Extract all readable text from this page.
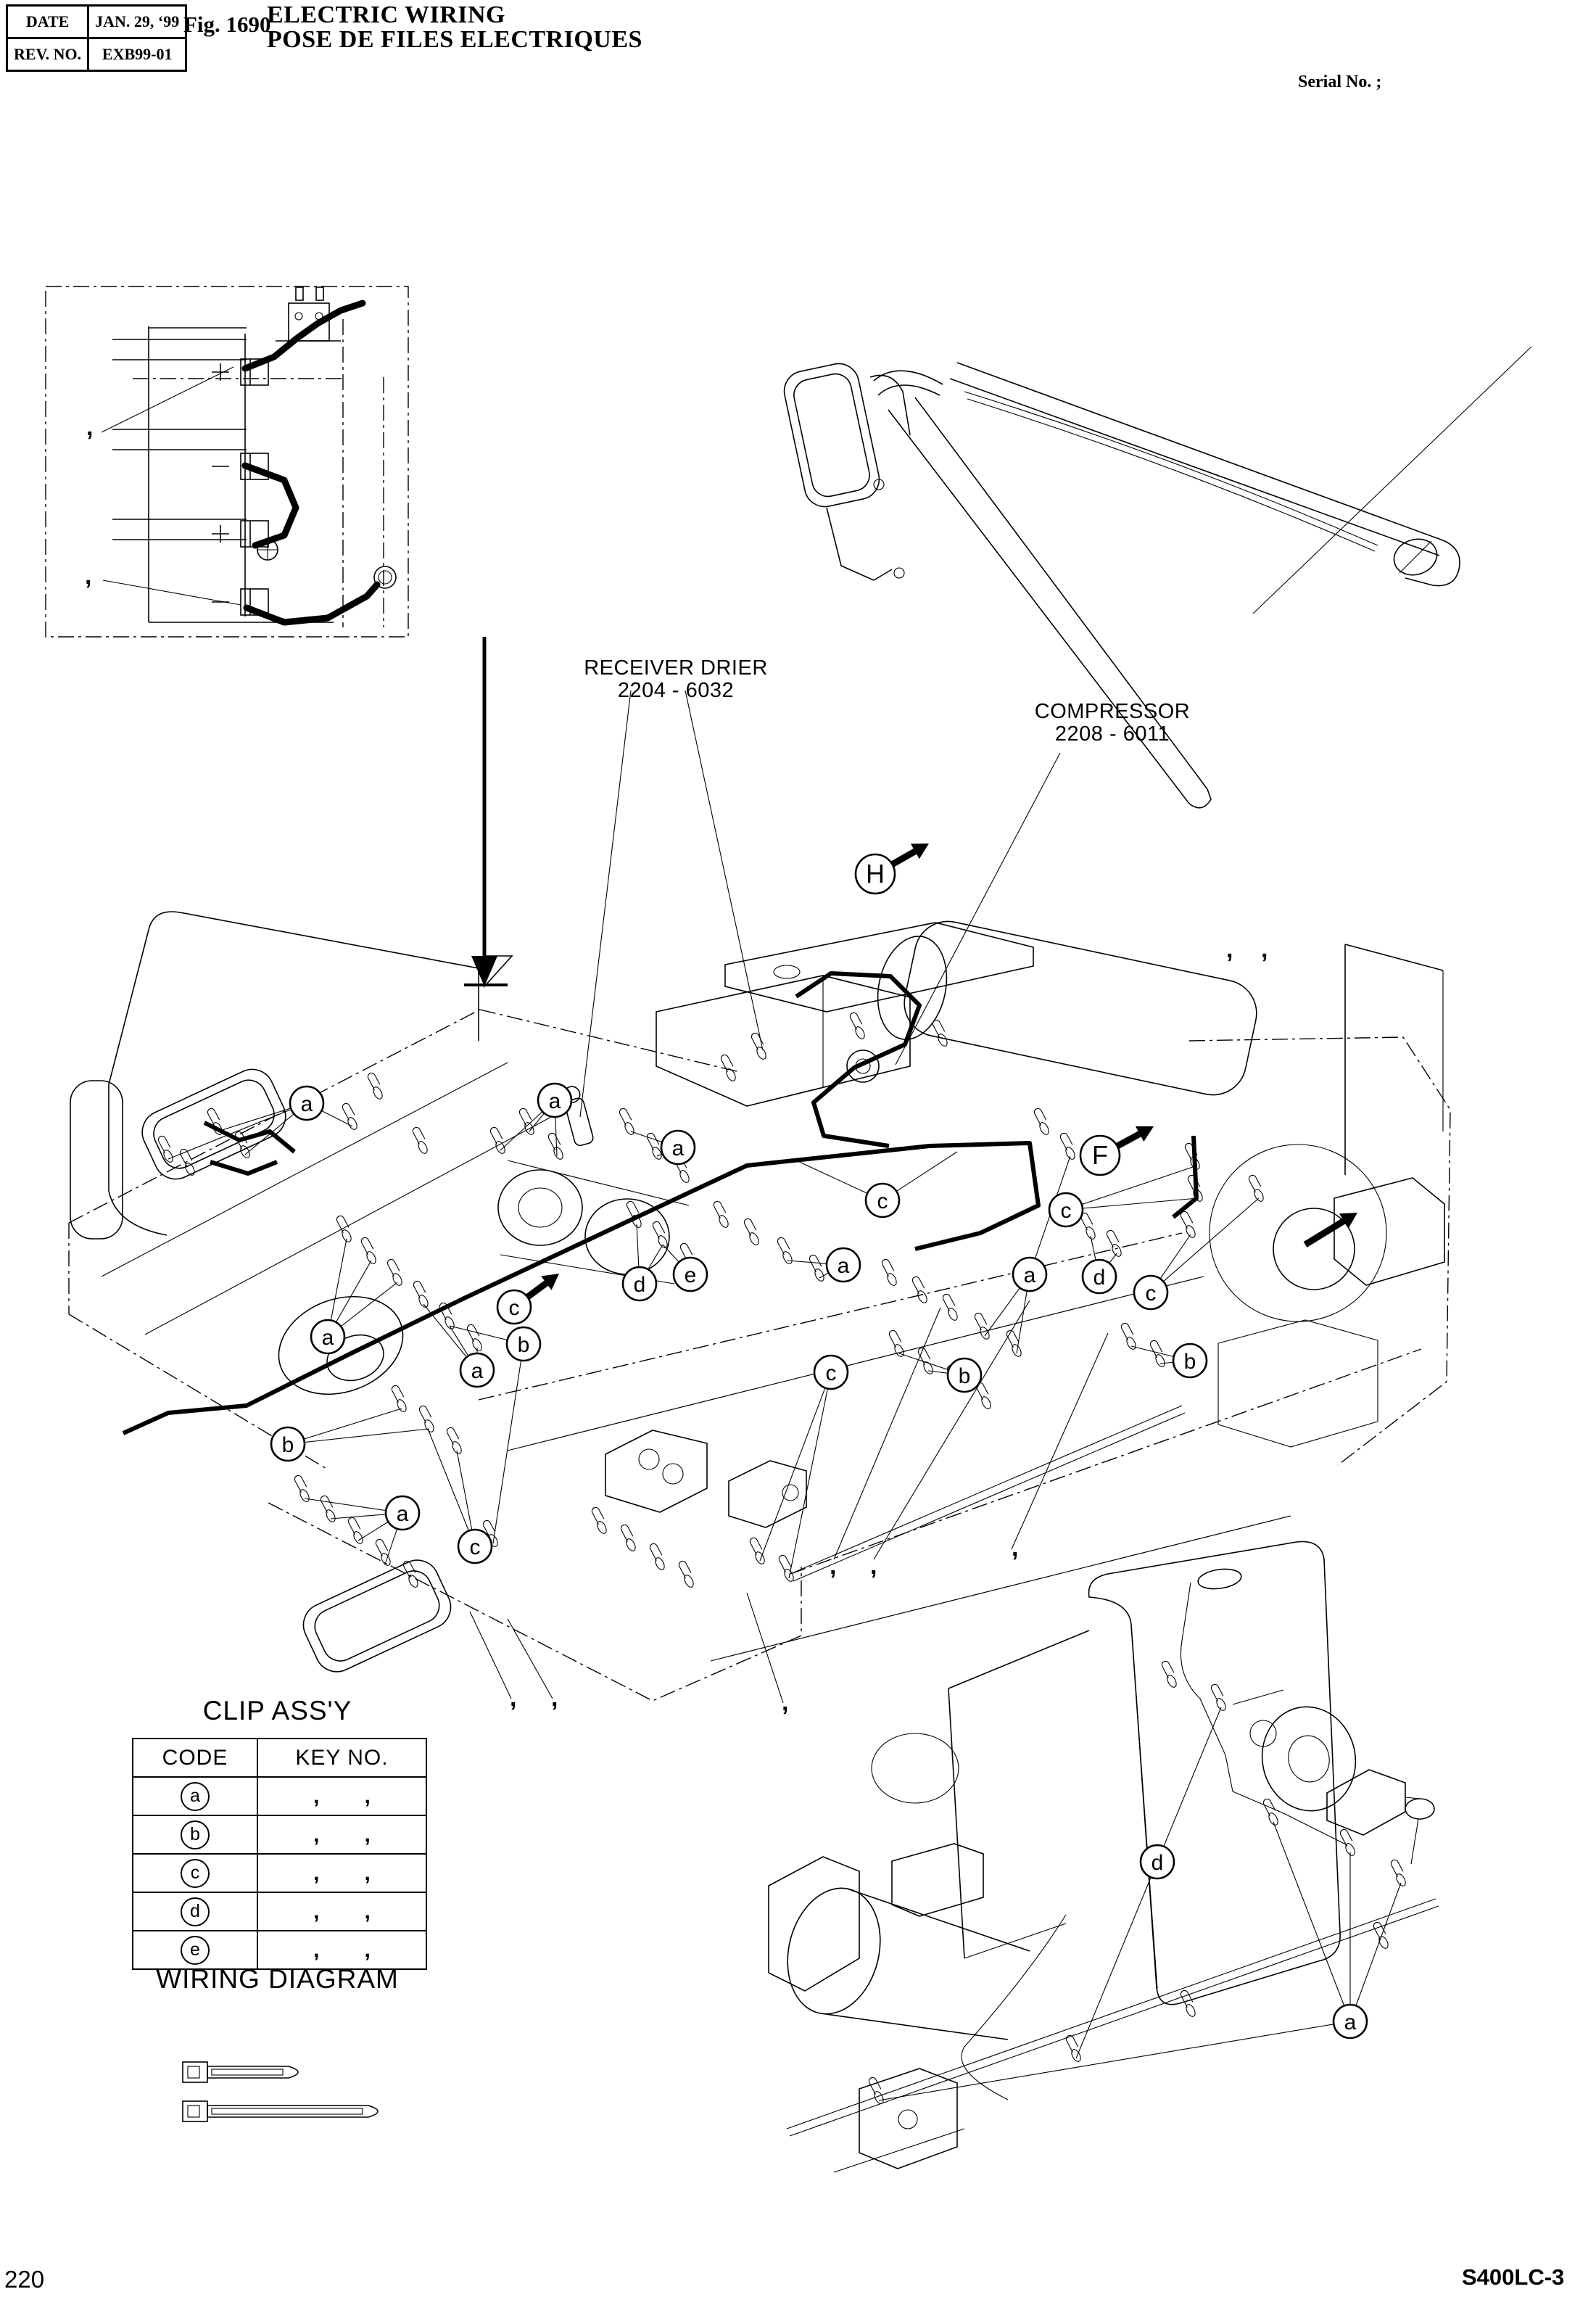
DATE	JAN. 29, ‘99
REV. NO.	EXB99-01
Fig. 1690
ELECTRIC WIRING
POSE DE FILES ELECTRIQUES
Serial No. ;
a	a
a
a
a
a
a	a
a
b
b
b
b
c
c	c
c
c
c
d	d
d
e
H
F
,
,
, ,
, ,
,
, ,	,
RECEIVER DRIER
2204 - 6032
COMPRESSOR
2208 - 6011
CLIP ASS'Y
CODE	KEY NO.
a	, ,

b	, ,

c	, ,

d	, ,

e	, ,
WIRING DIAGRAM
220	S400LC-3
